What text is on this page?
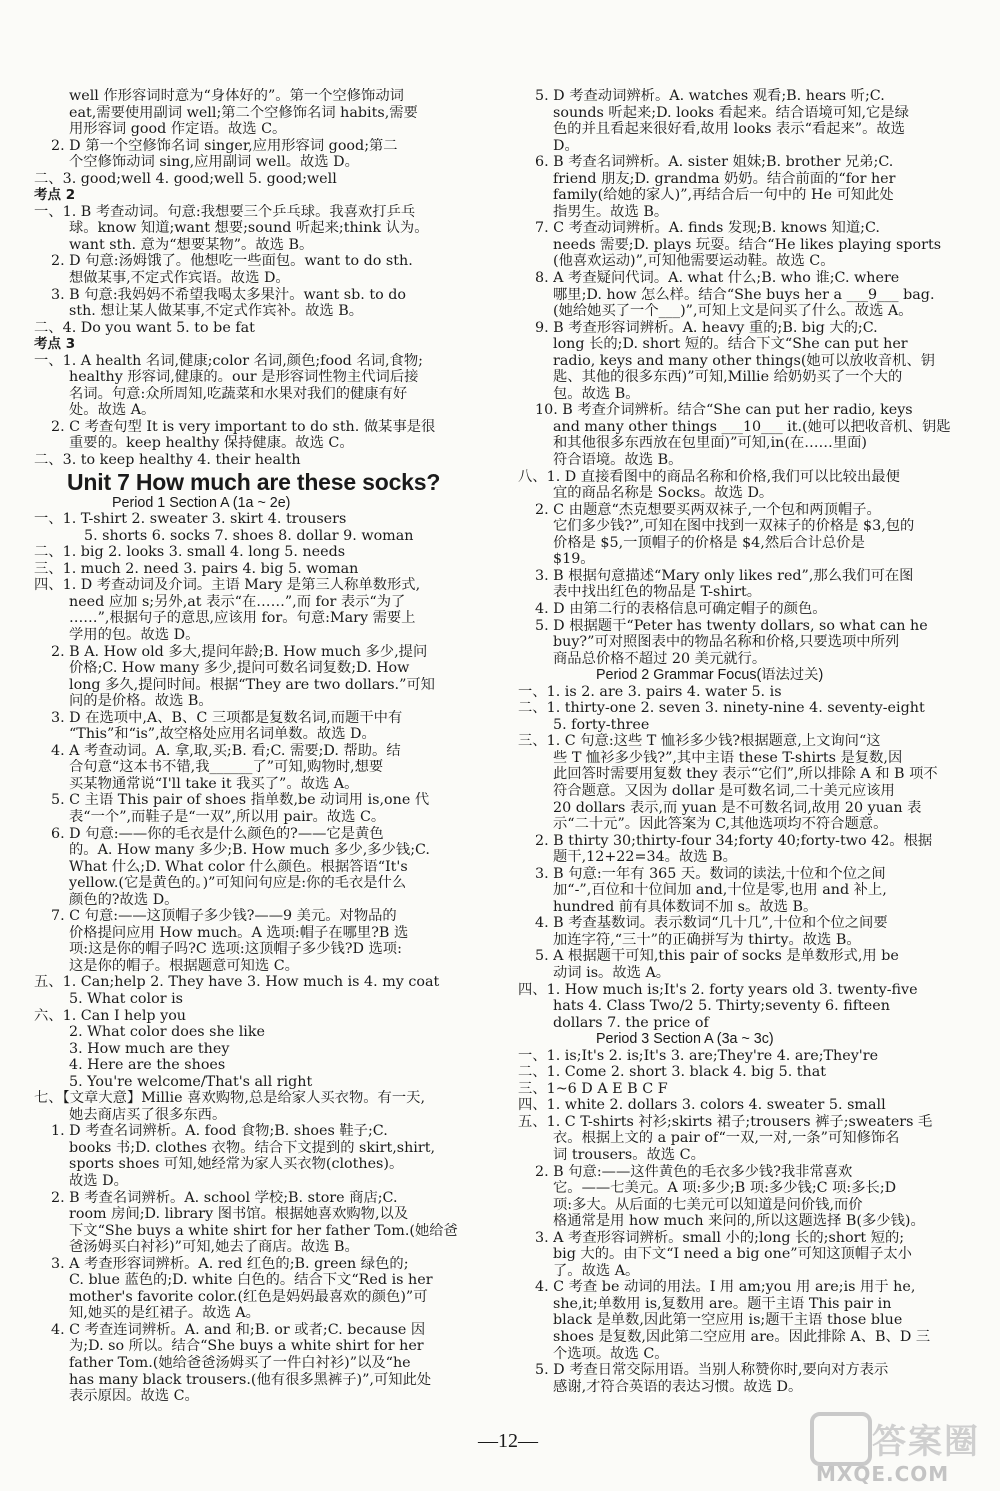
well 作形容词时意为“身体好的”。第一个空修饰动词
eat,需要使用副词 well;第二个空修饰名词 habits,需要
用形容词 good 作定语。故选 C。
2. D 第一个空修饰名词 singer,应用形容词 good;第二
个空修饰动词 sing,应用副词 well。故选 D。
二、3. good;well 4. good;well 5. good;well
考点 2
一、1. B 考查动词。句意:我想要三个乒乓球。我喜欢打乒乓
球。know 知道;want 想要;sound 听起来;think 认为。
want sth. 意为“想要某物”。故选 B。
2. D 句意:汤姆饿了。他想吃一些面包。want to do sth.
想做某事,不定式作宾语。故选 D。
3. B 句意:我妈妈不希望我喝太多果汁。want sb. to do
sth. 想让某人做某事,不定式作宾补。故选 B。
二、4. Do you want 5. to be fat
考点 3
一、1. A health 名词,健康;color 名词,颜色;food 名词,食物;
healthy 形容词,健康的。our 是形容词性物主代词后接
名词。句意:众所周知,吃蔬菜和水果对我们的健康有好
处。故选 A。
2. C 考查句型 It is very important to do sth. 做某事是很
重要的。keep healthy 保持健康。故选 C。
二、3. to keep healthy 4. their health
Unit 7 How much are these socks?
Period 1 Section A (1a ~ 2e)
一、1. T-shirt 2. sweater 3. skirt 4. trousers
5. shorts 6. socks 7. shoes 8. dollar 9. woman
二、1. big 2. looks 3. small 4. long 5. needs
三、1. much 2. need 3. pairs 4. big 5. woman
四、1. D 考查动词及介词。主语 Mary 是第三人称单数形式,
need 应加 s;另外,at 表示“在……”,而 for 表示“为了
……”,根据句子的意思,应该用 for。句意:Mary 需要上
学用的包。故选 D。
2. B A. How old 多大,提问年龄;B. How much 多少,提问
价格;C. How many 多少,提问可数名词复数;D. How
long 多久,提问时间。根据“They are two dollars.”可知
问的是价格。故选 B。
3. D 在选项中,A、B、C 三项都是复数名词,而题干中有
“This”和“is”,故空格处应用名词单数。故选 D。
4. A 考查动词。A. 拿,取,买;B. 看;C. 需要;D. 帮助。结
合句意“这本书不错,我______了”可知,购物时,想要
买某物通常说“I'll take it 我买了”。故选 A。
5. C 主语 This pair of shoes 指单数,be 动词用 is,one 代
表“一个”,而鞋子是“一双”,所以用 pair。故选 C。
6. D 句意:——你的毛衣是什么颜色的?——它是黄色
的。A. How many 多少;B. How much 多少,多少钱;C.
What 什么;D. What color 什么颜色。根据答语“It's
yellow.(它是黄色的。)”可知问句应是:你的毛衣是什么
颜色的?故选 D。
7. C 句意:——这顶帽子多少钱?——9 美元。对物品的
价格提问应用 How much。A 选项:帽子在哪里?B 选
项:这是你的帽子吗?C 选项:这顶帽子多少钱?D 选项:
这是你的帽子。根据题意可知选 C。
五、1. Can;help 2. They have 3. How much is 4. my coat
5. What color is
六、1. Can I help you
2. What color does she like
3. How much are they
4. Here are the shoes
5. You're welcome/That's all right
七、【文章大意】Millie 喜欢购物,总是给家人买衣物。有一天,
她去商店买了很多东西。
1. D 考查名词辨析。A. food 食物;B. shoes 鞋子;C.
books 书;D. clothes 衣物。结合下文提到的 skirt,shirt,
sports shoes 可知,她经常为家人买衣物(clothes)。
故选 D。
2. B 考查名词辨析。A. school 学校;B. store 商店;C.
room 房间;D. library 图书馆。根据她喜欢购物,以及
下文“She buys a white shirt for her father Tom.(她给爸
爸汤姆买白衬衫)”可知,她去了商店。故选 B。
3. A 考查形容词辨析。A. red 红色的;B. green 绿色的;
C. blue 蓝色的;D. white 白色的。结合下文“Red is her
mother's favorite color.(红色是妈妈最喜欢的颜色)”可
知,她买的是红裙子。故选 A。
4. C 考查连词辨析。A. and 和;B. or 或者;C. because 因
为;D. so 所以。结合“She buys a white shirt for her
father Tom.(她给爸爸汤姆买了一件白衬衫)”以及“he
has many black trousers.(他有很多黑裤子)”,可知此处
表示原因。故选 C。
5. D 考查动词辨析。A. watches 观看;B. hears 听;C.
sounds 听起来;D. looks 看起来。结合语境可知,它是绿
色的并且看起来很好看,故用 looks 表示“看起来”。故选
D。
6. B 考查名词辨析。A. sister 姐妹;B. brother 兄弟;C.
friend 朋友;D. grandma 奶奶。结合前面的“for her
family(给她的家人)”,再结合后一句中的 He 可知此处
指男生。故选 B。
7. C 考查动词辨析。A. finds 发现;B. knows 知道;C.
needs 需要;D. plays 玩耍。结合“He likes playing sports
(他喜欢运动)”,可知他需要运动鞋。故选 C。
8. A 考查疑问代词。A. what 什么;B. who 谁;C. where
哪里;D. how 怎么样。结合“She buys her a ___9___ bag.
(她给她买了一个___)”,可知上文是问买了什么。故选 A。
9. B 考查形容词辨析。A. heavy 重的;B. big 大的;C.
long 长的;D. short 短的。结合下文“She can put her
radio, keys and many other things(她可以放收音机、钥
匙、其他的很多东西)”可知,Millie 给奶奶买了一个大的
包。故选 B。
10. B 考查介词辨析。结合“She can put her radio, keys
and many other things ___10___ it.(她可以把收音机、钥匙
和其他很多东西放在包里面)”可知,in(在……里面)
符合语境。故选 B。
八、1. D 直接看图中的商品名称和价格,我们可以比较出最便
宜的商品名称是 Socks。故选 D。
2. C 由题意“杰克想要买两双袜子,一个包和两顶帽子。
它们多少钱?”,可知在图中找到一双袜子的价格是 $3,包的
价格是 $5,一顶帽子的价格是 $4,然后合计总价是
$19。
3. B 根据句意描述“Mary only likes red”,那么我们可在图
表中找出红色的物品是 T-shirt。
4. D 由第二行的表格信息可确定帽子的颜色。
5. D 根据题干“Peter has twenty dollars, so what can he
buy?”可对照图表中的物品名称和价格,只要选项中所列
商品总价格不超过 20 美元就行。
Period 2 Grammar Focus(语法过关)
一、1. is 2. are 3. pairs 4. water 5. is
二、1. thirty-one 2. seven 3. ninety-nine 4. seventy-eight
5. forty-three
三、1. C 句意:这些 T 恤衫多少钱?根据题意,上文询问“这
些 T 恤衫多少钱?”,其中主语 these T-shirts 是复数,因
此回答时需要用复数 they 表示“它们”,所以排除 A 和 B 项不
符合题意。又因为 dollar 是可数名词,二十美元应该用
20 dollars 表示,而 yuan 是不可数名词,故用 20 yuan 表
示“二十元”。因此答案为 C,其他选项均不符合题意。
2. B thirty 30;thirty-four 34;forty 40;forty-two 42。根据
题干,12+22=34。故选 B。
3. B 句意:一年有 365 天。数词的读法,十位和个位之间
加“-”,百位和十位间加 and,十位是零,也用 and 补上,
hundred 前有具体数词不加 s。故选 B。
4. B 考查基数词。表示数词“几十几”,十位和个位之间要
加连字符,“三十”的正确拼写为 thirty。故选 B。
5. A 根据题干可知,this pair of socks 是单数形式,用 be
动词 is。故选 A。
四、1. How much is;It's 2. forty years old 3. twenty-five
hats 4. Class Two/2 5. Thirty;seventy 6. fifteen
dollars 7. the price of
Period 3 Section A (3a ~ 3c)
一、1. is;It's 2. is;It's 3. are;They're 4. are;They're
二、1. Come 2. short 3. black 4. big 5. that
三、1~6 D A E B C F
四、1. white 2. dollars 3. colors 4. sweater 5. small
五、1. C T-shirts 衬衫;skirts 裙子;trousers 裤子;sweaters 毛
衣。根据上文的 a pair of“一双,一对,一条”可知修饰名
词 trousers。故选 C。
2. B 句意:——这件黄色的毛衣多少钱?我非常喜欢
它。——七美元。A 项:多少;B 项:多少钱;C 项:多长;D
项:多大。从后面的七美元可以知道是问价钱,而价
格通常是用 how much 来问的,所以这题选择 B(多少钱)。
3. A 考查形容词辨析。small 小的;long 长的;short 短的;
big 大的。由下文“I need a big one”可知这顶帽子太小
了。故选 A。
4. C 考查 be 动词的用法。I 用 am;you 用 are;is 用于 he,
she,it;单数用 is,复数用 are。题干主语 This pair in
black 是单数,因此第一空应用 is;题干主语 those blue
shoes 是复数,因此第二空应用 are。因此排除 A、B、D 三
个选项。故选 C。
5. D 考查日常交际用语。当别人称赞你时,要向对方表示
感谢,才符合英语的表达习惯。故选 D。
—12—	答案圈
MXQE.COM
